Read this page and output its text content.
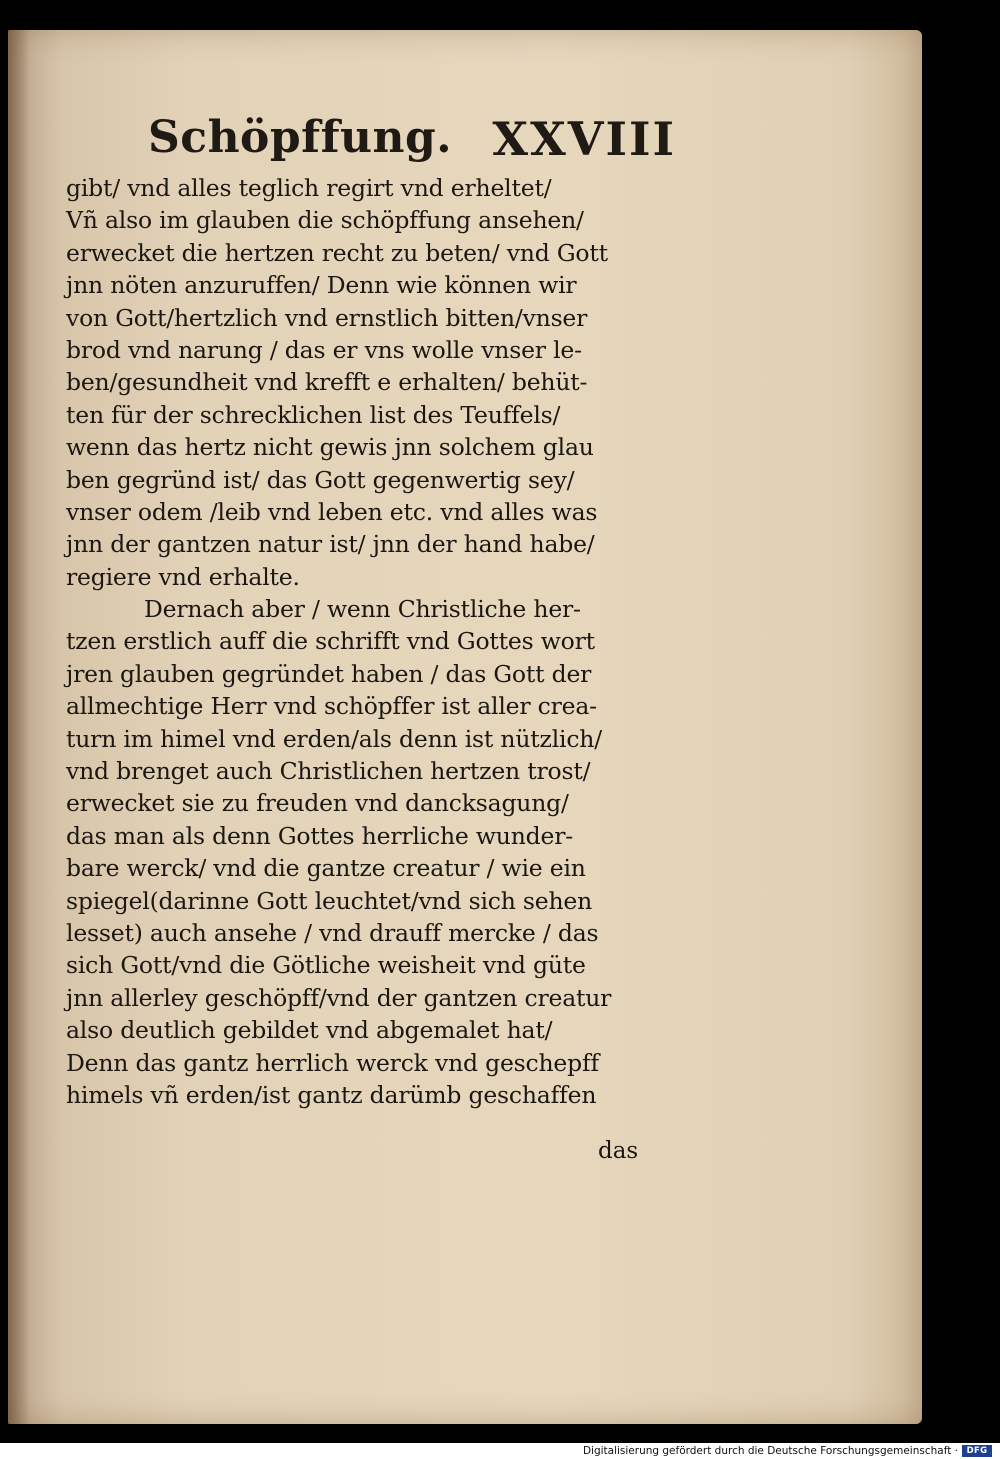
Schöpffung. XXVIII
gibt/ vnd alles teglich regirt vnd erheltet/
Vñ also im glauben die schöpffung ansehen/
erwecket die hertzen recht zu beten/ vnd Gott
jnn nöten anzuruffen/ Denn wie können wir
von Gott/hertzlich vnd ernstlich bitten/vnser
brod vnd narung / das er vns wolle vnser le-
ben/gesundheit vnd krefft e erhalten/ behüt-
ten für der schrecklichen list des Teuffels/
wenn das hertz nicht gewis jnn solchem glau
ben gegründ ist/ das Gott gegenwertig sey/
vnser odem /leib vnd leben etc. vnd alles was
jnn der gantzen natur ist/ jnn der hand habe/
regiere vnd erhalte.
Dernach aber / wenn Christliche her-
tzen erstlich auff die schrifft vnd Gottes wort
jren glauben gegründet haben / das Gott der
allmechtige Herr vnd schöpffer ist aller crea-
turn im himel vnd erden/als denn ist nützlich/
vnd brenget auch Christlichen hertzen trost/
erwecket sie zu freuden vnd dancksagung/
das man als denn Gottes herrliche wunder-
bare werck/ vnd die gantze creatur / wie ein
spiegel(darinne Gott leuchtet/vnd sich sehen
lesset) auch ansehe / vnd drauff mercke / das
sich Gott/vnd die Götliche weisheit vnd güte
jnn allerley geschöpff/vnd der gantzen creatur
also deutlich gebildet vnd abgemalet hat/
Denn das gantz herrlich werck vnd geschepff
himels vñ erden/ist gantz darümb geschaffen
das
Digitalisierung gefördert durch die Deutsche Forschungsgemeinschaft ·	DFG
